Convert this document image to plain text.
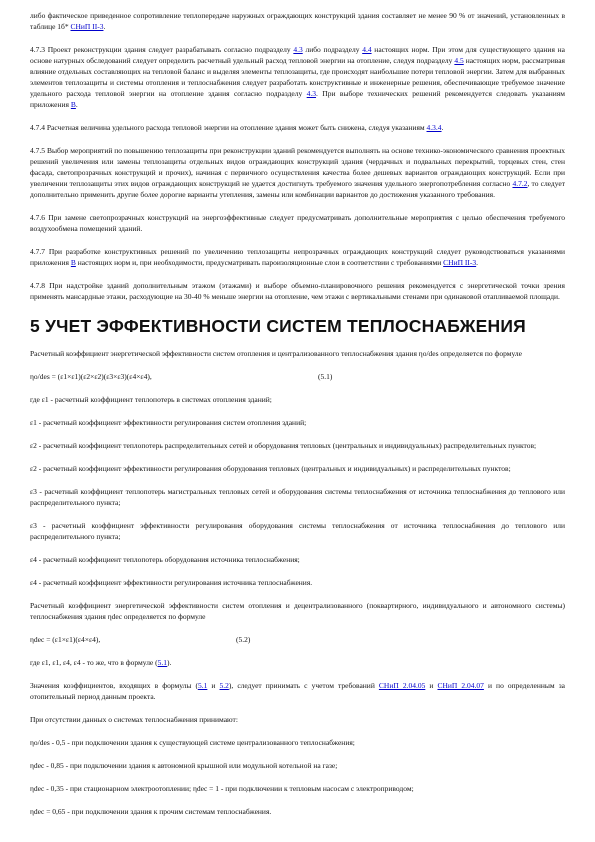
либо фактическое приведенное сопротивление теплопередаче наружных ограждающих конструкций здания составляет не менее 90 % от значений, установленных в таблице 1б* СНиП II-3.

4.7.3 Проект реконструкции здания следует разрабатывать согласно подразделу 4.3 либо подразделу 4.4 настоящих норм. При этом для существующего здания на основе натурных обследований следует определить расчетный удельный расход тепловой энергии на отопление, следуя подразделу 4.5 настоящих норм, рассматривая влияние отдельных составляющих на тепловой баланс и выделяя элементы теплозащиты, где происходят наибольшие потери тепловой энергии. Затем для выбранных элементов теплозащиты и системы отопления и теплоснабжения следует разработать конструктивные и инженерные решения, обеспечивающие требуемое значение удельного расхода тепловой энергии на отопление здания согласно подразделу 4.3. При выборе технических решений рекомендуется следовать указаниям приложения В.

4.7.4 Расчетная величина удельного расхода тепловой энергии на отопление здания может быть снижена, следуя указаниям 4.3.4.

4.7.5 Выбор мероприятий по повышению теплозащиты при реконструкции зданий рекомендуется выполнять на основе технико-экономического сравнения проектных решений увеличения или замены теплозащиты отдельных видов ограждающих конструкций здания (чердачных и подвальных перекрытий, торцевых стен, стен фасада, светопрозрачных конструкций и прочих), начиная с первичного осуществления качества более дешевых вариантов ограждающих конструкций. Если при увеличении теплозащиты этих видов ограждающих конструкций не удается достигнуть требуемого значения удельного энергопотребления согласно 4.7.2, то следует дополнительно применить другие более дорогие варианты утепления, замены или комбинации вариантов до достижения указанного требования.

4.7.6 При замене светопрозрачных конструкций на энергоэффективные следует предусматривать дополнительные мероприятия с целью обеспечения требуемого воздухообмена помещений зданий.

4.7.7 При разработке конструктивных решений по увеличению теплозащиты непрозрачных ограждающих конструкций следует руководствоваться указаниями приложения В настоящих норм и, при необходимости, предусматривать пароизоляционные слои в соответствии с требованиями СНиП II-3.

4.7.8 При надстройке зданий дополнительным этажом (этажами) и выборе объемно-планировочного решения рекомендуется с энергетической точки зрения применять мансардные этажи, расходующие на 30-40 % меньше энергии на отопление, чем этажи с вертикальными стенами при одинаковой отапливаемой площади.

5 УЧЕТ ЭФФЕКТИВНОСТИ СИСТЕМ ТЕПЛОСНАБЖЕНИЯ

Расчетный коэффициент энергетической эффективности систем отопления и централизованного теплоснабжения здания ηо/des определяется по формуле

ηо/des = (ε1×ε1)(ε2×ε2)(ε3×ε3)(ε4×ε4),	(5.1)

где ε1 - расчетный коэффициент теплопотерь в системах отопления зданий;

ε1 - расчетный коэффициент эффективности регулирования систем отопления зданий;

ε2 - расчетный коэффициент теплопотерь распределительных сетей и оборудования тепловых (центральных и индивидуальных) распределительных пунктов;

ε2 - расчетный коэффициент эффективности регулирования оборудования тепловых (центральных и индивидуальных) и распределительных пунктов;

ε3 - расчетный коэффициент теплопотерь магистральных тепловых сетей и оборудования системы теплоснабжения от источника теплоснабжения до теплового или распределительного пункта;

ε3 - расчетный коэффициент эффективности регулирования оборудования системы теплоснабжения от источника теплоснабжения до теплового или распределительного пункта;

ε4 - расчетный коэффициент теплопотерь оборудования источника теплоснабжения;

ε4 - расчетный коэффициент эффективности регулирования источника теплоснабжения.

Расчетный коэффициент энергетической эффективности систем отопления и децентрализованного (поквартирного, индивидуального и автономного системы) теплоснабжения здания ηdec определяется по формуле

ηdec = (ε1×ε1)(ε4×ε4),	(5.2)

где ε1, ε1, ε4, ε4 - то же, что в формуле (5.1).

Значения коэффициентов, входящих в формулы (5.1 и 5.2), следует принимать с учетом требований СНиП 2.04.05 и СНиП 2.04.07 и по определенным за отопительный период данным проекта.

При отсутствии данных о системах теплоснабжения принимают:

ηо/des - 0,5 - при подключении здания к существующей системе централизованного теплоснабжения;

ηdec - 0,85 - при подключении здания к автономной крышной или модульной котельной на газе;

ηdec - 0,35 - при стационарном электроотоплении; ηdec = 1 - при подключении к тепловым насосам с электроприводом;

ηdec = 0,65 - при подключении здания к прочим системам теплоснабжения.
